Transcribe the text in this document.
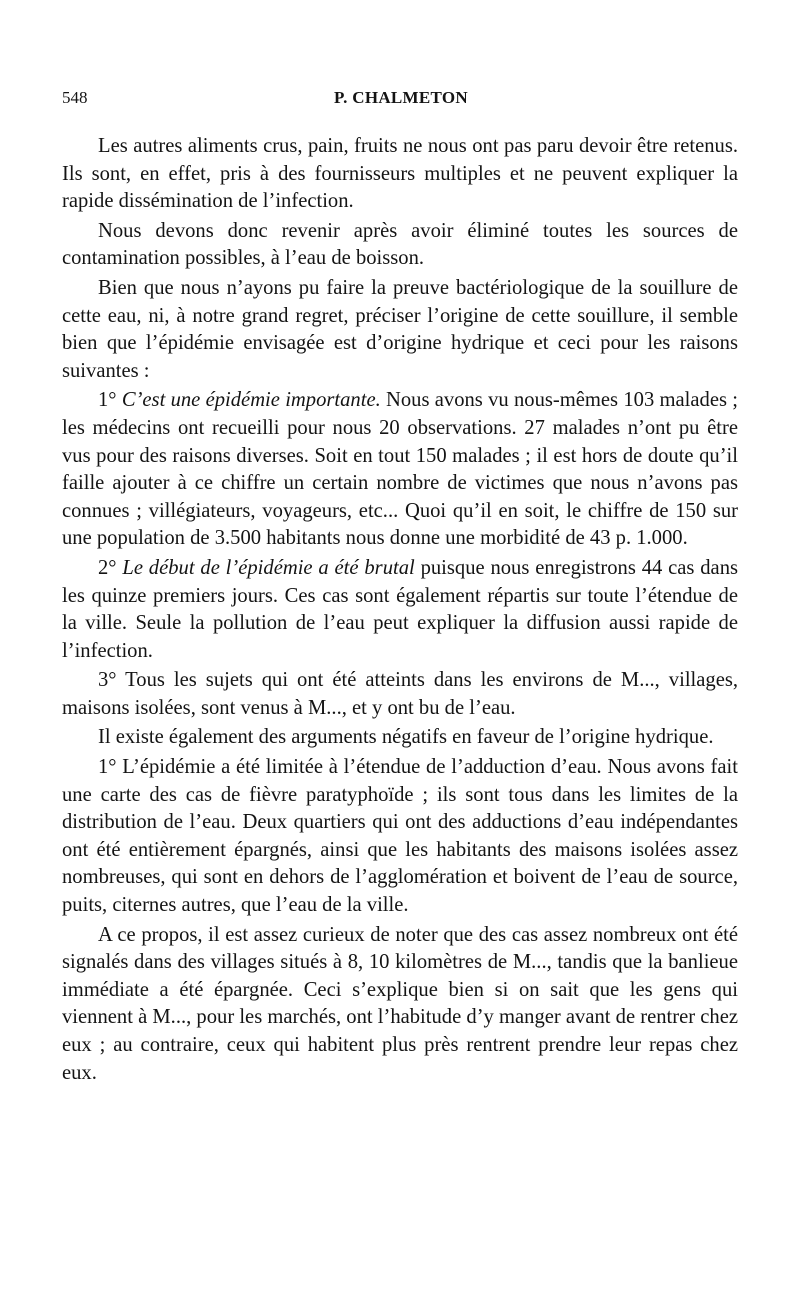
548	P. CHALMETON

Les autres aliments crus, pain, fruits ne nous ont pas paru devoir être retenus. Ils sont, en effet, pris à des fournisseurs multiples et ne peuvent expliquer la rapide dissémination de l’infection.

Nous devons donc revenir après avoir éliminé toutes les sources de contamination possibles, à l’eau de boisson.

Bien que nous n’ayons pu faire la preuve bactériologique de la souillure de cette eau, ni, à notre grand regret, préciser l’origine de cette souillure, il semble bien que l’épidémie envisagée est d’origine hydrique et ceci pour les raisons suivantes :

1° C’est une épidémie importante. Nous avons vu nous-mêmes 103 malades ; les médecins ont recueilli pour nous 20 observations. 27 malades n’ont pu être vus pour des raisons diverses. Soit en tout 150 malades ; il est hors de doute qu’il faille ajouter à ce chiffre un certain nombre de victimes que nous n’avons pas connues ; villégiateurs, voyageurs, etc... Quoi qu’il en soit, le chiffre de 150 sur une population de 3.500 habitants nous donne une morbidité de 43 p. 1.000.

2° Le début de l’épidémie a été brutal puisque nous enregistrons 44 cas dans les quinze premiers jours. Ces cas sont également répartis sur toute l’étendue de la ville. Seule la pollution de l’eau peut expliquer la diffusion aussi rapide de l’infection.

3° Tous les sujets qui ont été atteints dans les environs de M..., villages, maisons isolées, sont venus à M..., et y ont bu de l’eau.

Il existe également des arguments négatifs en faveur de l’origine hydrique.

1° L’épidémie a été limitée à l’étendue de l’adduction d’eau. Nous avons fait une carte des cas de fièvre paratyphoïde ; ils sont tous dans les limites de la distribution de l’eau. Deux quartiers qui ont des adductions d’eau indépendantes ont été entièrement épargnés, ainsi que les habitants des maisons isolées assez nombreuses, qui sont en dehors de l’agglomération et boivent de l’eau de source, puits, citernes autres, que l’eau de la ville.

A ce propos, il est assez curieux de noter que des cas assez nombreux ont été signalés dans des villages situés à 8, 10 kilomètres de M..., tandis que la banlieue immédiate a été épargnée. Ceci s’explique bien si on sait que les gens qui viennent à M..., pour les marchés, ont l’habitude d’y manger avant de rentrer chez eux ; au contraire, ceux qui habitent plus près rentrent prendre leur repas chez eux.
